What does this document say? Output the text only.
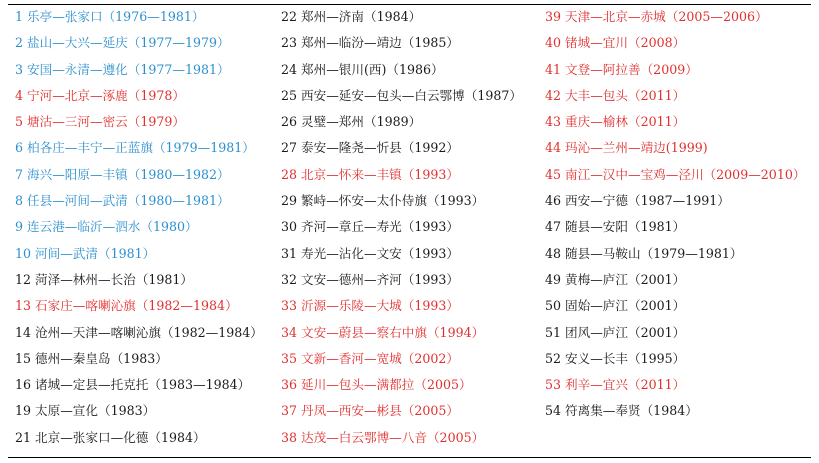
1 乐亭—张家口（1976—1981）
2 盐山—大兴—延庆（1977—1979）
3 安国—永清—遵化（1977—1981）
4 宁河—北京—涿鹿（1978）
5 塘沽—三河—密云（1979）
6 柏各庄—丰宁—正蓝旗（1979—1981）
7 海兴—阳原—丰镇（1980—1982）
8 任县—河间—武清（1980—1981）
9 连云港—临沂—泗水（1980）
10 河间—武清（1981）
12 菏泽—林州—长治（1981）
13 石家庄—喀喇沁旗（1982—1984）
14 沧州—天津—喀喇沁旗（1982—1984）
15 德州—秦皇岛（1983）
16 诸城—定县—托克托（1983—1984）
19 太原—宣化（1983）
21 北京—张家口—化德（1984）
22 郑州—济南（1984）
23 郑州—临汾—靖边（1985）
24 郑州—银川(西)（1986）
25 西安—延安—包头—白云鄂博（1987）
26 灵璧—郑州（1989）
27 泰安—隆尧—忻县（1992）
28 北京—怀来—丰镇（1993）
29 繁峙—怀安—太仆侍旗（1993）
30 齐河—章丘—寿光（1993）
31 寿光—沾化—文安（1993）
32 文安—德州—齐河（1993）
33 沂源—乐陵—大城（1993）
34 文安—蔚县—察右中旗（1994）
35 文新—香河—宽城（2002）
36 延川—包头—满都拉（2005）
37 丹凤—西安—彬县（2005）
38 达茂—白云鄂博—八音（2005）
39 天津—北京—赤城（2005—2006）
40 锗城—宜川（2008）
41 文登—阿拉善（2009）
42 大丰—包头（2011）
43 重庆—榆林（2011）
44 玛沁—兰州—靖边(1999)
45 南江—汉中—宝鸡—泾川（2009—2010）
46 西安—宁德（1987—1991）
47 随县—安阳（1981）
48 随县—马鞍山（1979—1981）
49 黄梅—庐江（2001）
50 固始—庐江（2001）
51 团风—庐江（2001）
52 安义—长丰（1995）
53 利辛—宜兴（2011）
54 符离集—奉贤（1984）
